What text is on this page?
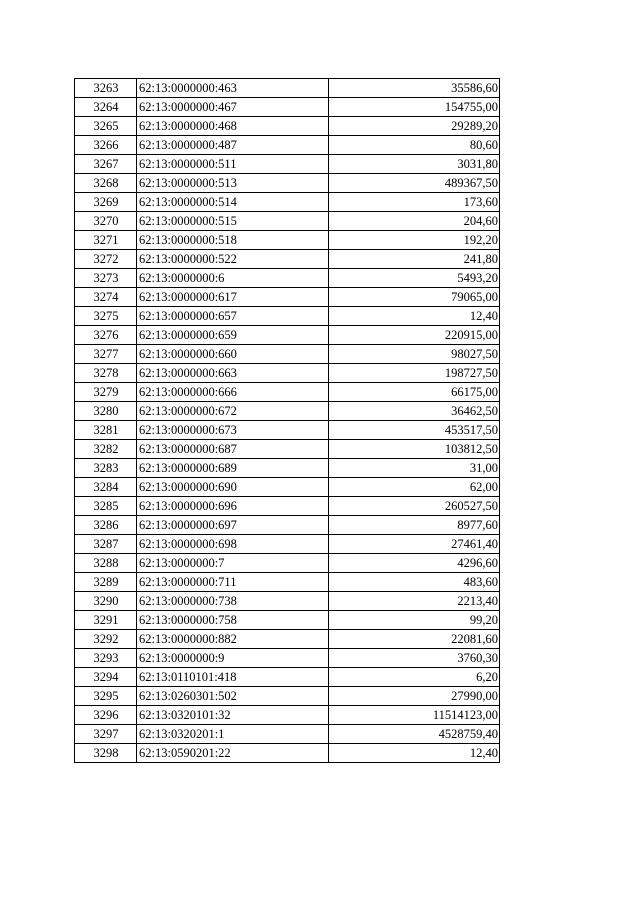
3263	62:13:0000000:463	35586,60
3264	62:13:0000000:467	154755,00
3265	62:13:0000000:468	29289,20
3266	62:13:0000000:487	80,60
3267	62:13:0000000:511	3031,80
3268	62:13:0000000:513	489367,50
3269	62:13:0000000:514	173,60
3270	62:13:0000000:515	204,60
3271	62:13:0000000:518	192,20
3272	62:13:0000000:522	241,80
3273	62:13:0000000:6	5493,20
3274	62:13:0000000:617	79065,00
3275	62:13:0000000:657	12,40
3276	62:13:0000000:659	220915,00
3277	62:13:0000000:660	98027,50
3278	62:13:0000000:663	198727,50
3279	62:13:0000000:666	66175,00
3280	62:13:0000000:672	36462,50
3281	62:13:0000000:673	453517,50
3282	62:13:0000000:687	103812,50
3283	62:13:0000000:689	31,00
3284	62:13:0000000:690	62,00
3285	62:13:0000000:696	260527,50
3286	62:13:0000000:697	8977,60
3287	62:13:0000000:698	27461,40
3288	62:13:0000000:7	4296,60
3289	62:13:0000000:711	483,60
3290	62:13:0000000:738	2213,40
3291	62:13:0000000:758	99,20
3292	62:13:0000000:882	22081,60
3293	62:13:0000000:9	3760,30
3294	62:13:0110101:418	6,20
3295	62:13:0260301:502	27990,00
3296	62:13:0320101:32	11514123,00
3297	62:13:0320201:1	4528759,40
3298	62:13:0590201:22	12,40
